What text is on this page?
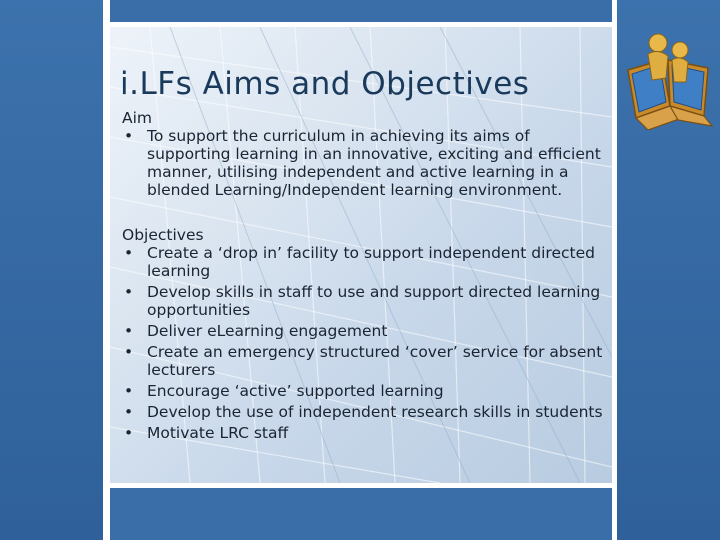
i.LFs Aims and Objectives
Aim
• To support the curriculum in achieving its aims of supporting learning in an innovative, exciting and efficient manner, utilising independent and active learning in a blended Learning/Independent learning environment.
Objectives
• Create a ‘drop in’ facility to support independent directed learning
• Develop skills in staff to use and support directed learning opportunities
• Deliver eLearning engagement
• Create an emergency structured ‘cover’ service for absent lecturers
• Encourage ‘active’ supported learning
• Develop the use of independent research skills in students
• Motivate LRC staff
